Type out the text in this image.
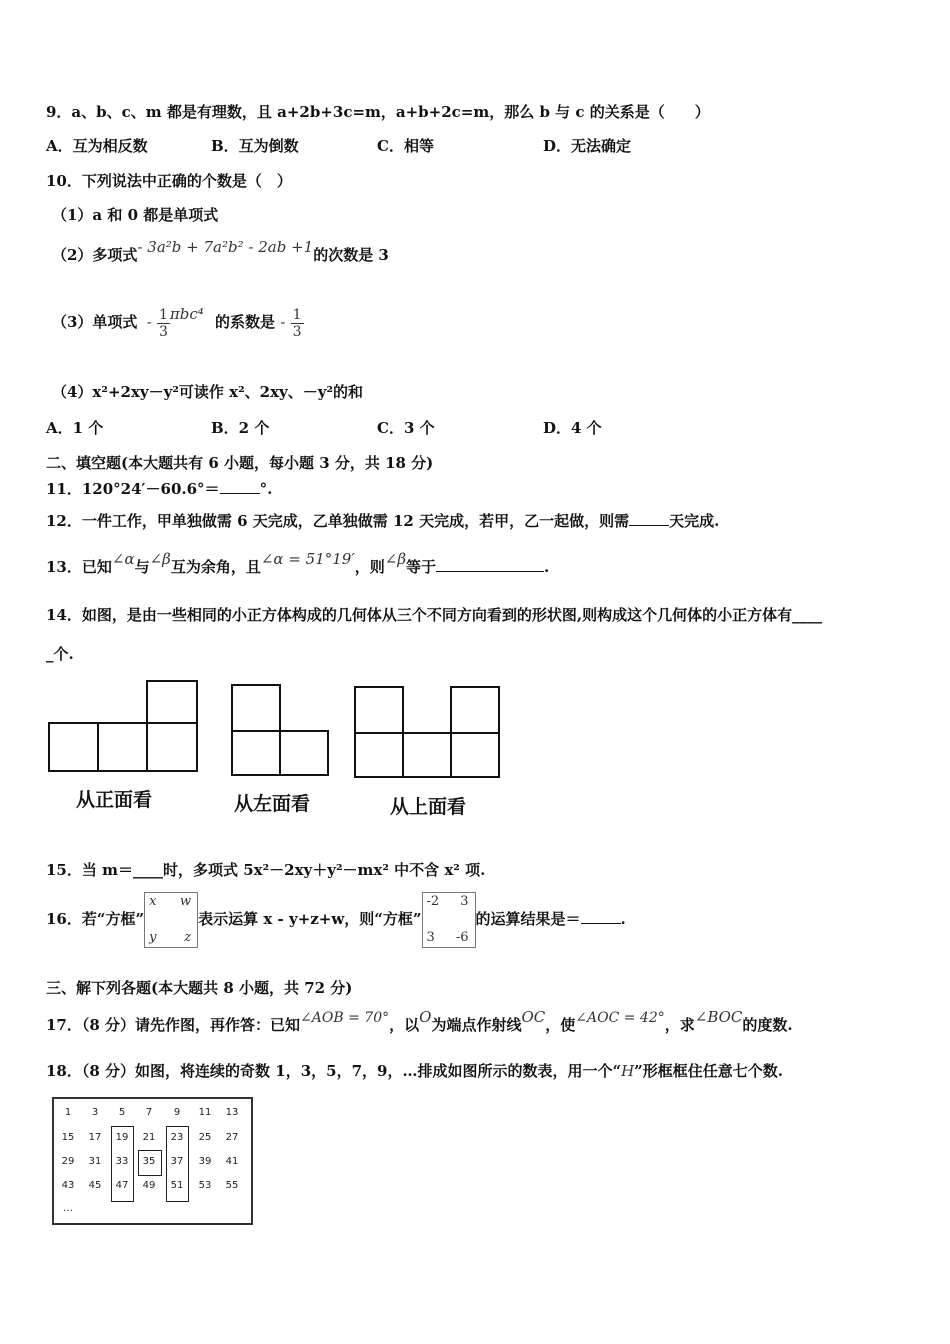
9．a、b、c、m 都是有理数，且 a+2b+3c=m，a+b+2c=m，那么 b 与 c 的关系是（　　）
A．互为相反数	B．互为倒数	C．相等	D．无法确定
10．下列说法中正确的个数是（　）
（1）a 和 0 都是单项式
（2）多项式- 3a²b + 7a²b² - 2ab +1的次数是 3
（3）单项式 - $\frac{1}{3} \pi bc^4$ 的系数是 - $\frac{1}{3}$
（4）x²+2xy－y²可读作 x²、2xy、－y²的和
A．1 个	B．2 个	C．3 个	D．4 个
二、填空题(本大题共有 6 小题，每小题 3 分，共 18 分)
11．120°24′－60.6°＝	°.
12．一件工作，甲单独做需 6 天完成，乙单独做需 12 天完成，若甲，乙一起做，则需	天完成.
13．已知∠α与∠β互为余角，且∠α = 51°19′，则∠β等于	.
14．如图，是由一些相同的小正方体构成的几何体从三个不同方向看到的形状图,则构成这个几何体的小正方体有____
_个.
从正面看	从左面看	从上面看
15．当 m＝____时，多项式 5x²－2xy＋y²－mx² 中不含 x² 项.
16．若“方框”
x w
y z
表示运算 x - y+z+w，则“方框”
-2 3
3 -6
的运算结果是＝	.
三、解下列各题(本大题共 8 小题，共 72 分)
17．（8 分）请先作图，再作答：已知∠AOB = 70°，以O为端点作射线OC，使∠AOC = 42°，求∠BOC的度数.
18．（8 分）如图，将连续的奇数 1，3，5，7，9，…排成如图所示的数表，用一个“H”形框框住任意七个数.
1	3	5	7	9	11	13
15	17	19	21	23	25	27
29	31	33	35	37	39	41
43	45	47	49	51	53	55
…
